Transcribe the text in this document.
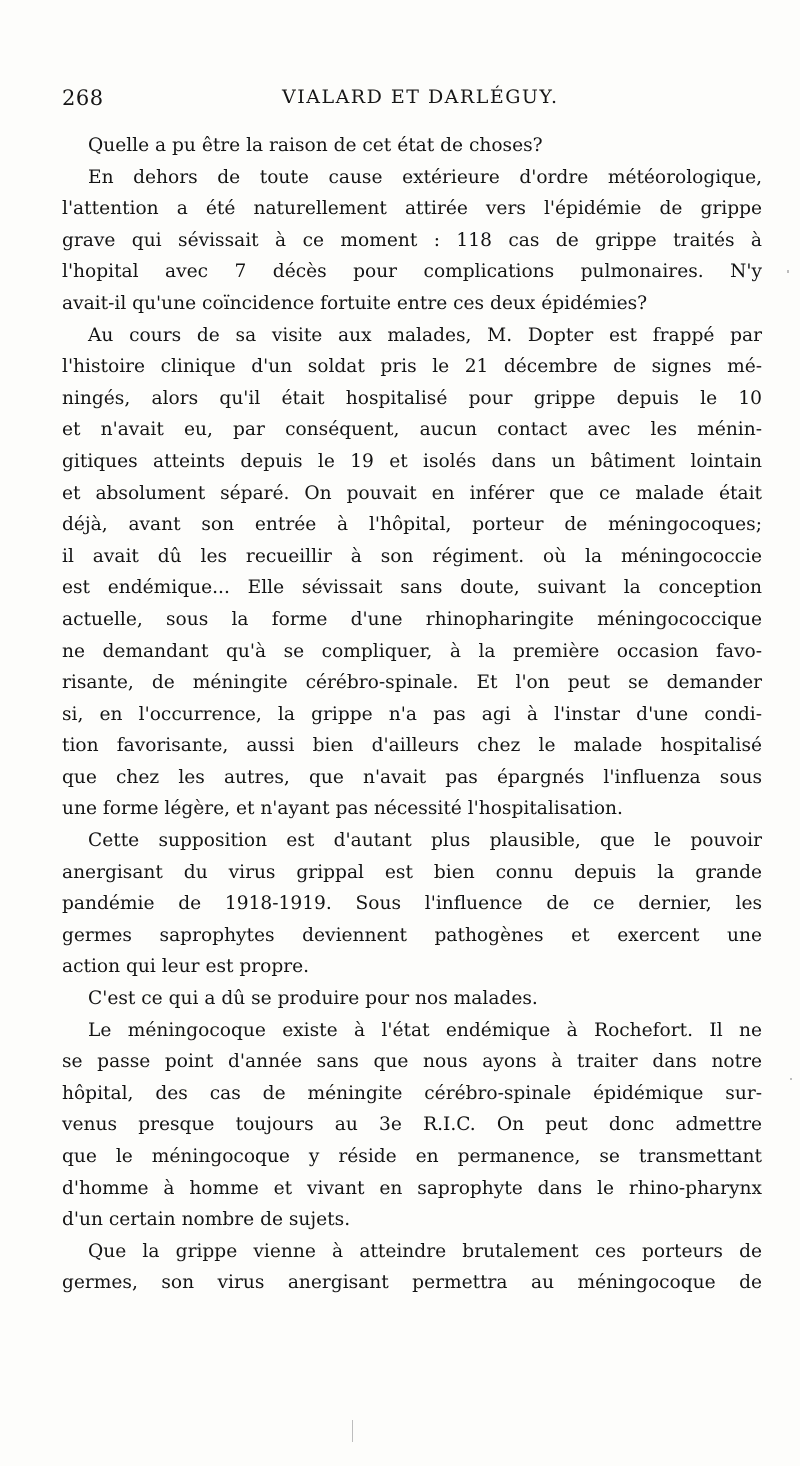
268	VIALARD ET DARLÉGUY.
Quelle a pu être la raison de cet état de choses?
En dehors de toute cause extérieure d'ordre météorologique,
l'attention a été naturellement attirée vers l'épidémie de grippe
grave qui sévissait à ce moment : 118 cas de grippe traités à
l'hopital avec 7 décès pour complications pulmonaires. N'y
avait-il qu'une coïncidence fortuite entre ces deux épidémies?
Au cours de sa visite aux malades, M. Dopter est frappé par
l'histoire clinique d'un soldat pris le 21 décembre de signes mé-
ningés, alors qu'il était hospitalisé pour grippe depuis le 10
et n'avait eu, par conséquent, aucun contact avec les ménin-
gitiques atteints depuis le 19 et isolés dans un bâtiment lointain
et absolument séparé. On pouvait en inférer que ce malade était
déjà, avant son entrée à l'hôpital, porteur de méningocoques;
il avait dû les recueillir à son régiment. où la méningococcie
est endémique... Elle sévissait sans doute, suivant la conception
actuelle, sous la forme d'une rhinopharingite méningococcique
ne demandant qu'à se compliquer, à la première occasion favo-
risante, de méningite cérébro-spinale. Et l'on peut se demander
si, en l'occurrence, la grippe n'a pas agi à l'instar d'une condi-
tion favorisante, aussi bien d'ailleurs chez le malade hospitalisé
que chez les autres, que n'avait pas épargnés l'influenza sous
une forme légère, et n'ayant pas nécessité l'hospitalisation.
Cette supposition est d'autant plus plausible, que le pouvoir
anergisant du virus grippal est bien connu depuis la grande
pandémie de 1918-1919. Sous l'influence de ce dernier, les
germes saprophytes deviennent pathogènes et exercent une
action qui leur est propre.
C'est ce qui a dû se produire pour nos malades.
Le méningocoque existe à l'état endémique à Rochefort. Il ne
se passe point d'année sans que nous ayons à traiter dans notre
hôpital, des cas de méningite cérébro-spinale épidémique sur-
venus presque toujours au 3e R.I.C. On peut donc admettre
que le méningocoque y réside en permanence, se transmettant
d'homme à homme et vivant en saprophyte dans le rhino-pharynx
d'un certain nombre de sujets.
Que la grippe vienne à atteindre brutalement ces porteurs de
germes, son virus anergisant permettra au méningocoque de
